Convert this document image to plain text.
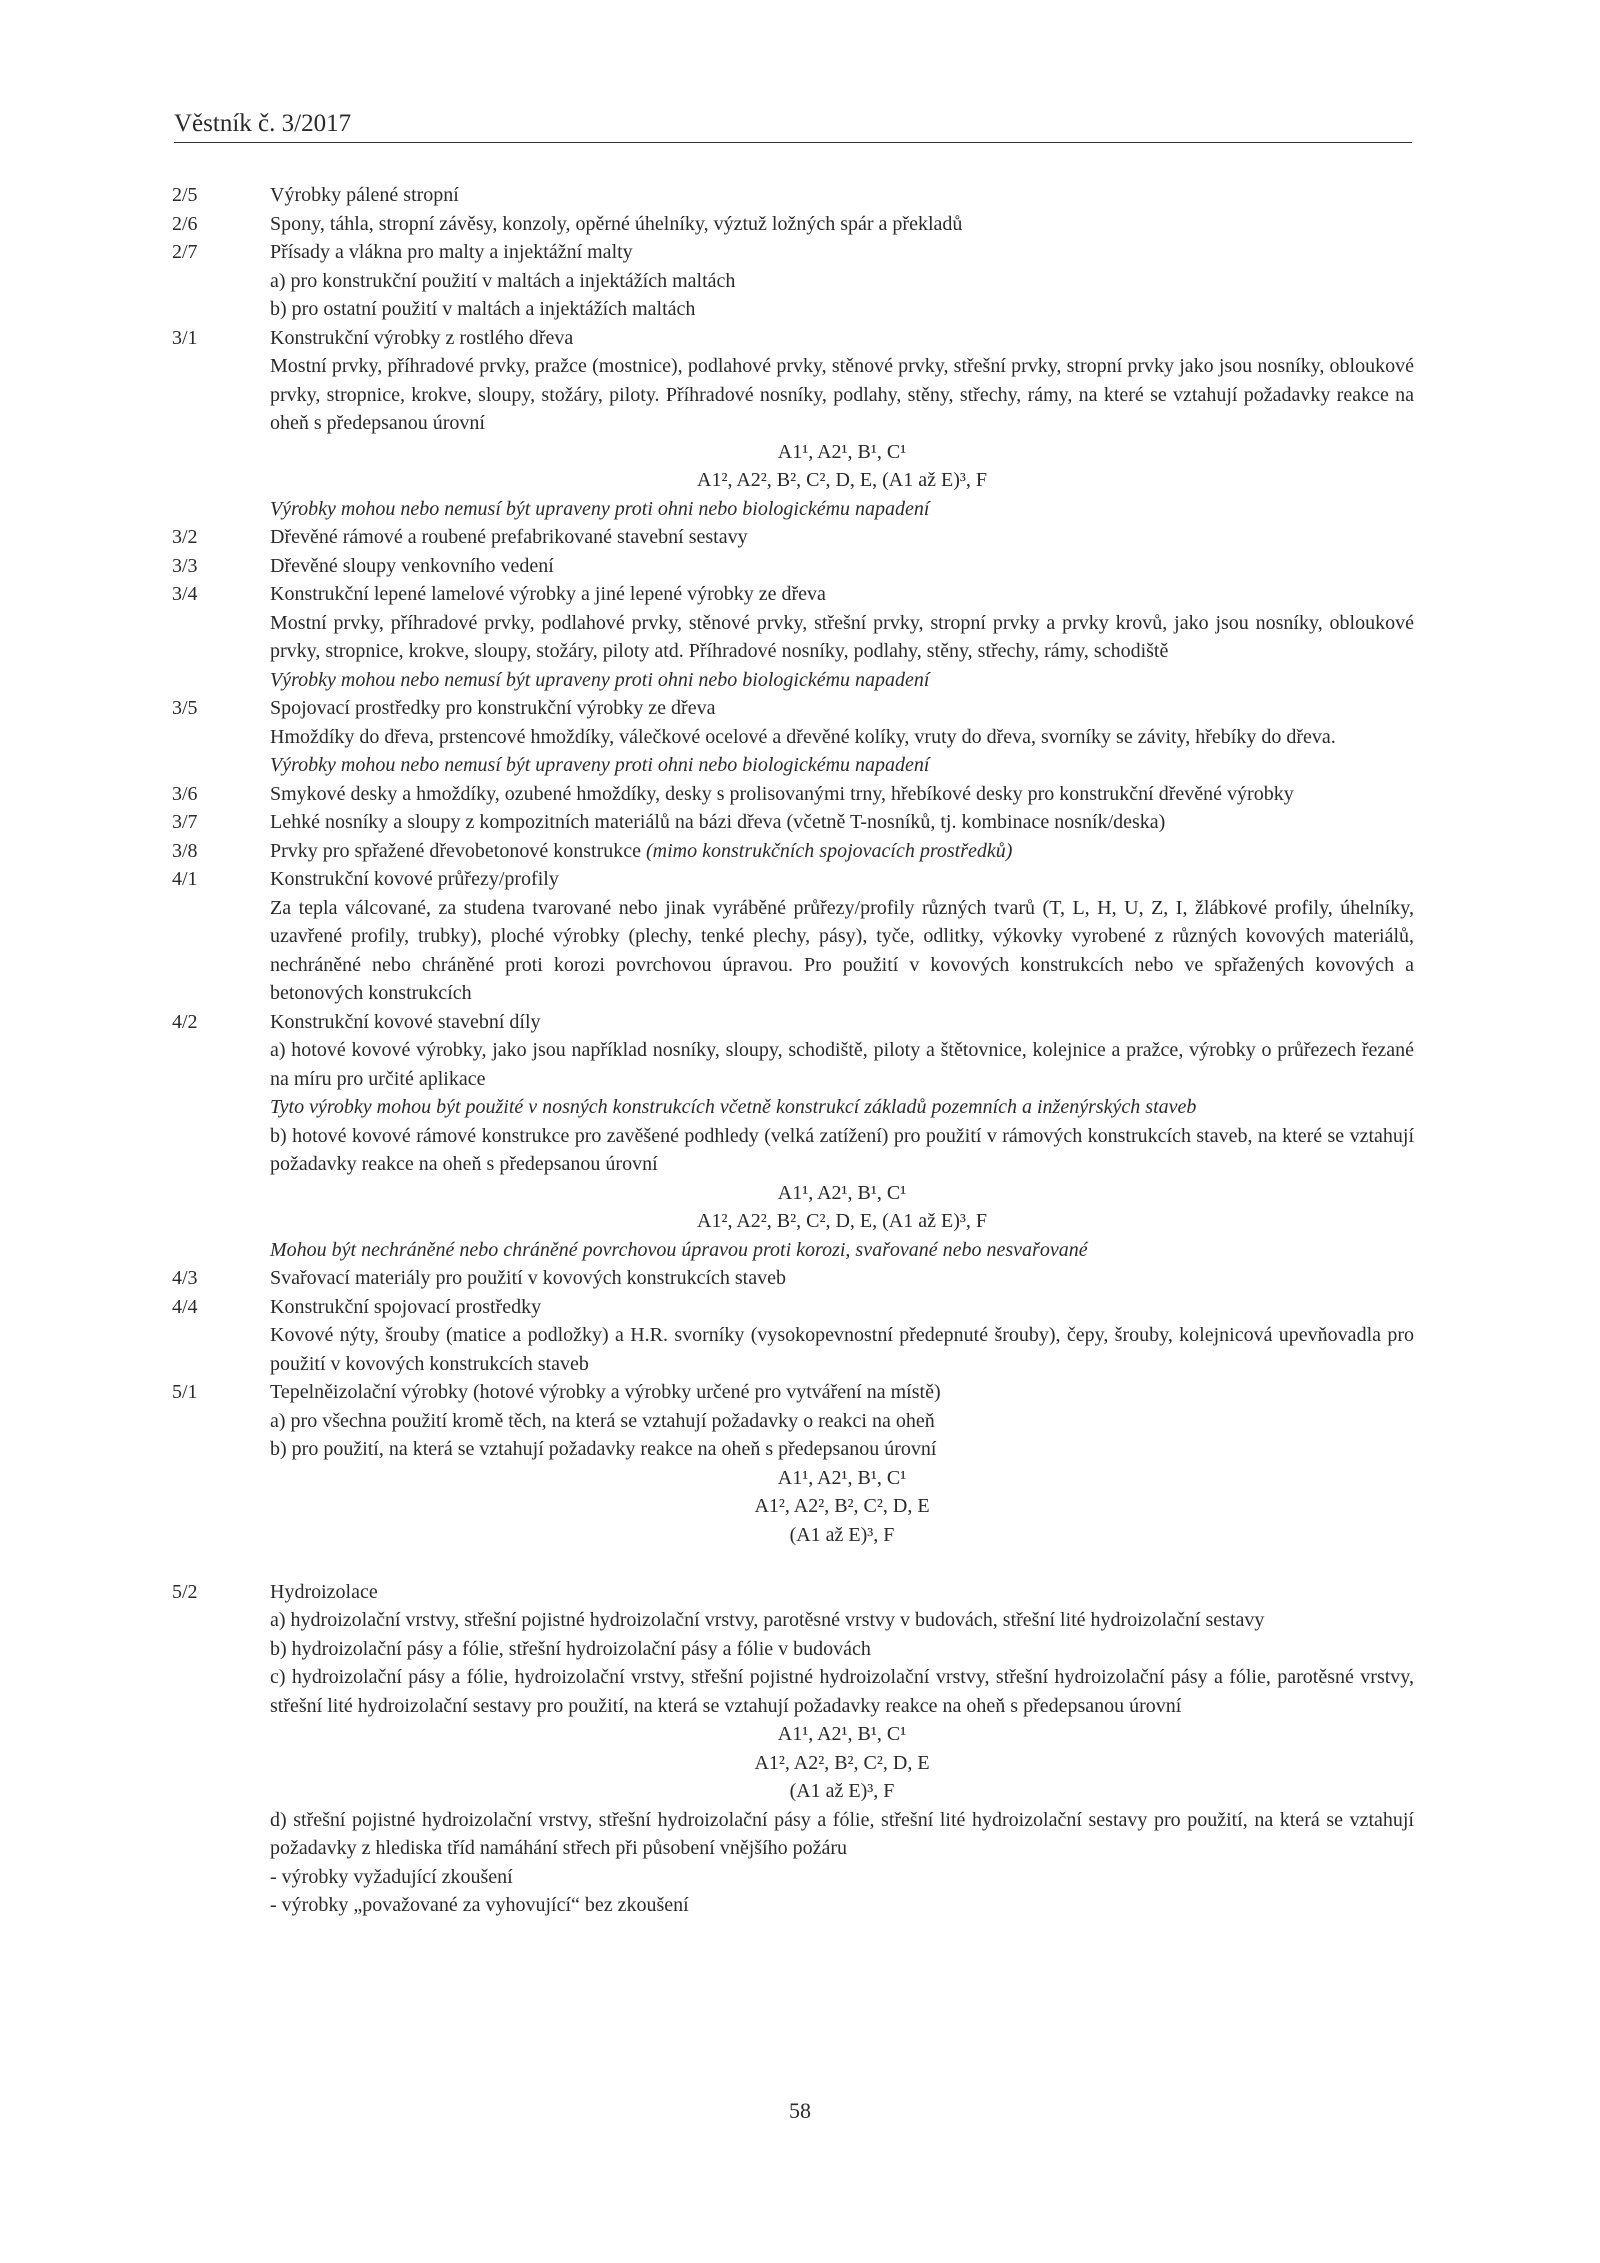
Věstník č. 3/2017
2/5	Výrobky pálené stropní
2/6	Spony, táhla, stropní závěsy, konzoly, opěrné úhelníky, výztuž ložných spár a překladů
2/7	Přísady a vlákna pro malty a injektážní malty
a) pro konstrukční použití v maltách a injektážích maltách
b) pro ostatní použití v maltách a injektážích maltách
3/1	Konstrukční výrobky z rostlého dřeva
Mostní prvky, příhradové prvky, pražce (mostnice), podlahové prvky, stěnové prvky, střešní prvky, stropní prvky jako jsou nosníky, obloukové prvky, stropnice, krokve, sloupy, stožáry, piloty. Příhradové nosníky, podlahy, stěny, střechy, rámy, na které se vztahují požadavky reakce na oheň s předepsanou úrovní
A1¹, A2¹, B¹, C¹
A1², A2², B², C², D, E, (A1 až E)³, F
Výrobky mohou nebo nemusí být upraveny proti ohni nebo biologickému napadení
3/2	Dřevěné rámové a roubené prefabrikované stavební sestavy
3/3	Dřevěné sloupy venkovního vedení
3/4	Konstrukční lepené lamelové výrobky a jiné lepené výrobky ze dřeva
Mostní prvky, příhradové prvky, podlahové prvky, stěnové prvky, střešní prvky, stropní prvky a prvky krovů, jako jsou nosníky, obloukové prvky, stropnice, krokve, sloupy, stožáry, piloty atd. Příhradové nosníky, podlahy, stěny, střechy, rámy, schodiště
Výrobky mohou nebo nemusí být upraveny proti ohni nebo biologickému napadení
3/5	Spojovací prostředky pro konstrukční výrobky ze dřeva
Hmoždíky do dřeva, prstencové hmoždíky, válečkové ocelové a dřevěné kolíky, vruty do dřeva, svorníky se závity, hřebíky do dřeva.
Výrobky mohou nebo nemusí být upraveny proti ohni nebo biologickému napadení
3/6	Smykové desky a hmoždíky, ozubené hmoždíky, desky s prolisovanými trny, hřebíkové desky pro konstrukční dřevěné výrobky
3/7	Lehké nosníky a sloupy z kompozitních materiálů na bázi dřeva (včetně T-nosníků, tj. kombinace nosník/deska)
3/8	Prvky pro spřažené dřevobetonové konstrukce (mimo konstrukčních spojovacích prostředků)
4/1	Konstrukční kovové průřezy/profily
Za tepla válcované, za studena tvarované nebo jinak vyráběné průřezy/profily různých tvarů (T, L, H, U, Z, I, žlábkové profily, úhelníky, uzavřené profily, trubky), ploché výrobky (plechy, tenké plechy, pásy), tyče, odlitky, výkovky vyrobené z různých kovových materiálů, nechráněné nebo chráněné proti korozi povrchovou úpravou. Pro použití v kovových konstrukcích nebo ve spřažených kovových a betonových konstrukcích
4/2	Konstrukční kovové stavební díly
a) hotové kovové výrobky, jako jsou například nosníky, sloupy, schodiště, piloty a štětovnice, kolejnice a pražce, výrobky o průřezech řezané na míru pro určité aplikace
Tyto výrobky mohou být použité v nosných konstrukcích včetně konstrukcí základů pozemních a inženýrských staveb
b) hotové kovové rámové konstrukce pro zavěšené podhledy (velká zatížení) pro použití v rámových konstrukcích staveb, na které se vztahují požadavky reakce na oheň s předepsanou úrovní
A1¹, A2¹, B¹, C¹
A1², A2², B², C², D, E, (A1 až E)³, F
Mohou být nechráněné nebo chráněné povrchovou úpravou proti korozi, svařované nebo nesvařované
4/3	Svařovací materiály pro použití v kovových konstrukcích staveb
4/4	Konstrukční spojovací prostředky
Kovové nýty, šrouby (matice a podložky) a H.R. svorníky (vysokopevnostní předepnuté šrouby), čepy, šrouby, kolejnicová upevňovadla pro použití v kovových konstrukcích staveb
5/1	Tepelněizolační výrobky (hotové výrobky a výrobky určené pro vytváření na místě)
a) pro všechna použití kromě těch, na která se vztahují požadavky o reakci na oheň
b) pro použití, na která se vztahují požadavky reakce na oheň s předepsanou úrovní
A1¹, A2¹, B¹, C¹
A1², A2², B², C², D, E
(A1 až E)³, F

5/2	Hydroizolace
a) hydroizolační vrstvy, střešní pojistné hydroizolační vrstvy, parotěsné vrstvy v budovách, střešní lité hydroizolační sestavy
b) hydroizolační pásy a fólie, střešní hydroizolační pásy a fólie v budovách
c) hydroizolační pásy a fólie, hydroizolační vrstvy, střešní pojistné hydroizolační vrstvy, střešní hydroizolační pásy a fólie, parotěsné vrstvy, střešní lité hydroizolační sestavy pro použití, na která se vztahují požadavky reakce na oheň s předepsanou úrovní
A1¹, A2¹, B¹, C¹
A1², A2², B², C², D, E
(A1 až E)³, F
d) střešní pojistné hydroizolační vrstvy, střešní hydroizolační pásy a fólie, střešní lité hydroizolační sestavy pro použití, na která se vztahují požadavky z hlediska tříd namáhání střech při působení vnějšího požáru
- výrobky vyžadující zkoušení
- výrobky „považované za vyhovující“ bez zkoušení
58
